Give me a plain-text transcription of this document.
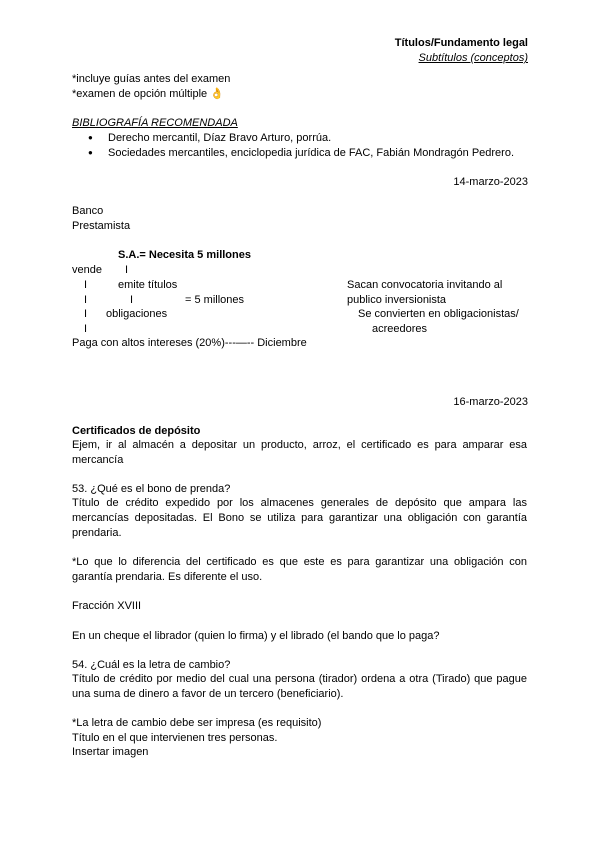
Títulos/Fundamento legal
Subtítulos (conceptos)
*incluye guías antes del examen
*examen de opción múltiple 👌
BIBLIOGRAFÍA RECOMENDADA
● Derecho mercantil, Díaz Bravo Arturo, porrúa.
● Sociedades mercantiles, enciclopedia jurídica de FAC, Fabián Mondragón Pedrero.
14-marzo-2023
Banco
Prestamista
S.A.= Necesita 5 millones
vende I
I	emite títulos	Sacan convocatoria invitando al
I	I	= 5 millones	publico inversionista
I obligaciones	Se convierten en obligacionistas/
I	acreedores
Paga con altos intereses (20%)---—-- Diciembre
16-marzo-2023
Certificados de depósito
Ejem, ir al almacén a depositar un producto, arroz, el certificado es para amparar esa
mercancía
53. ¿Qué es el bono de prenda?
Título de crédito expedido por los almacenes generales de depósito que ampara las
mercancías depositadas. El Bono se utiliza para garantizar una obligación con garantía
prendaria.
*Lo que lo diferencia del certificado es que este es para garantizar una obligación con
garantía prendaria. Es diferente el uso.
Fracción XVIII
En un cheque el librador (quien lo firma) y el librado (el bando que lo paga?
54. ¿Cuál es la letra de cambio?
Título de crédito por medio del cual una persona (tirador) ordena a otra (Tirado) que pague
una suma de dinero a favor de un tercero (beneficiario).
*La letra de cambio debe ser impresa (es requisito)
Título en el que intervienen tres personas.
Insertar imagen
